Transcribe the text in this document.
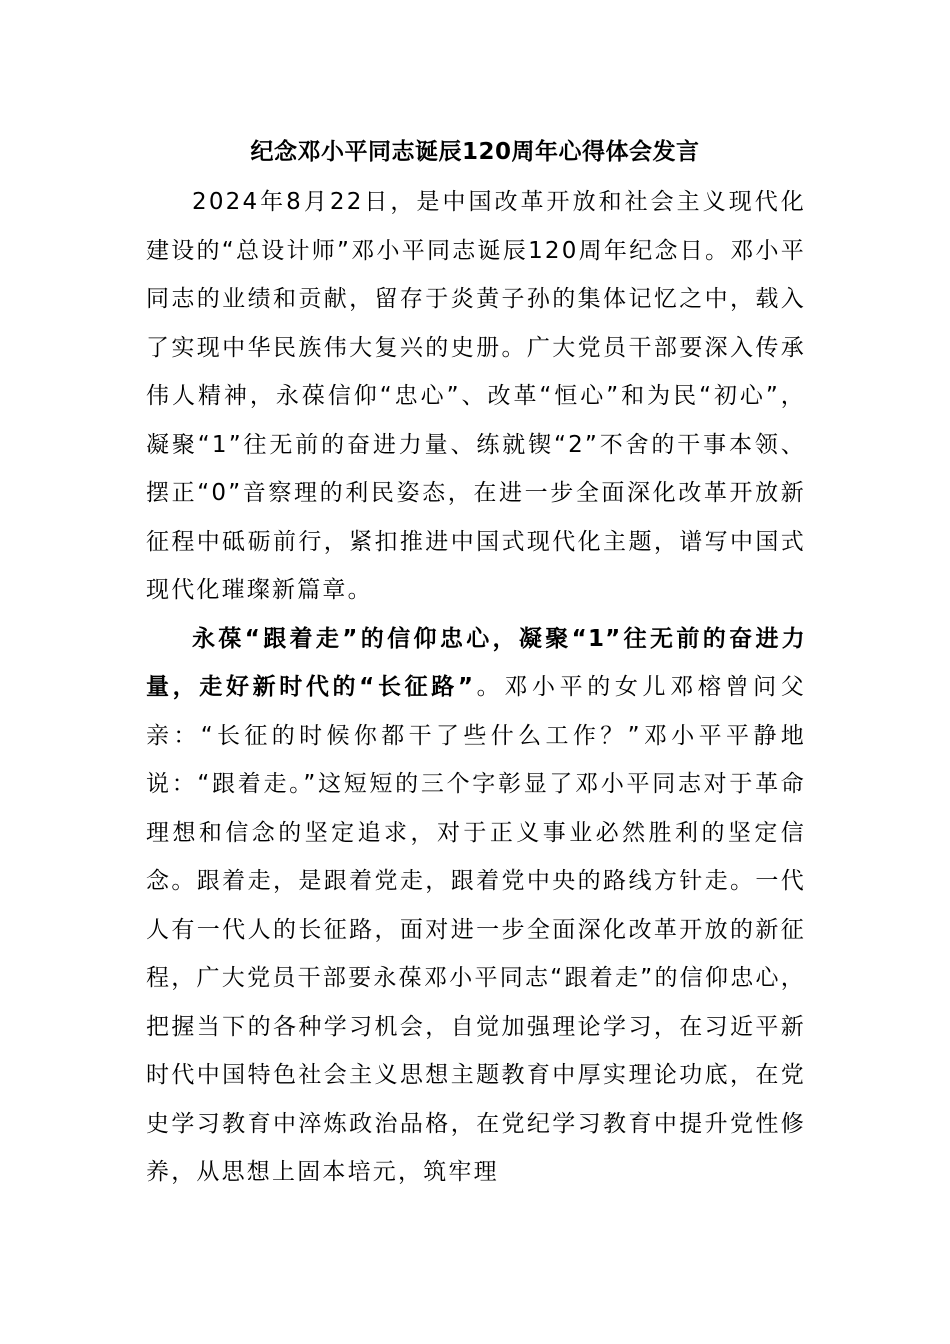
纪念邓小平同志诞辰120周年心得体会发言

2024年8月22日，是中国改革开放和社会主义现代化建设的“总设计师”邓小平同志诞辰120周年纪念日。邓小平同志的业绩和贡献，留存于炎黄子孙的集体记忆之中，载入了实现中华民族伟大复兴的史册。广大党员干部要深入传承伟人精神，永葆信仰“忠心”、改革“恒心”和为民“初心”，凝聚“1”往无前的奋进力量、练就锲“2”不舍的干事本领、摆正“0”音察理的利民姿态，在进一步全面深化改革开放新征程中砥砺前行，紧扣推进中国式现代化主题，谱写中国式现代化璀璨新篇章。

永葆“跟着走”的信仰忠心，凝聚“1”往无前的奋进力量，走好新时代的“长征路”。邓小平的女儿邓榕曾问父亲：“长征的时候你都干了些什么工作？”邓小平平静地说：“跟着走。”这短短的三个字彰显了邓小平同志对于革命理想和信念的坚定追求，对于正义事业必然胜利的坚定信念。跟着走，是跟着党走，跟着党中央的路线方针走。一代人有一代人的长征路，面对进一步全面深化改革开放的新征程，广大党员干部要永葆邓小平同志“跟着走”的信仰忠心，把握当下的各种学习机会，自觉加强理论学习，在习近平新时代中国特色社会主义思想主题教育中厚实理论功底，在党史学习教育中淬炼政治品格，在党纪学习教育中提升党性修养，从思想上固本培元，筑牢理
